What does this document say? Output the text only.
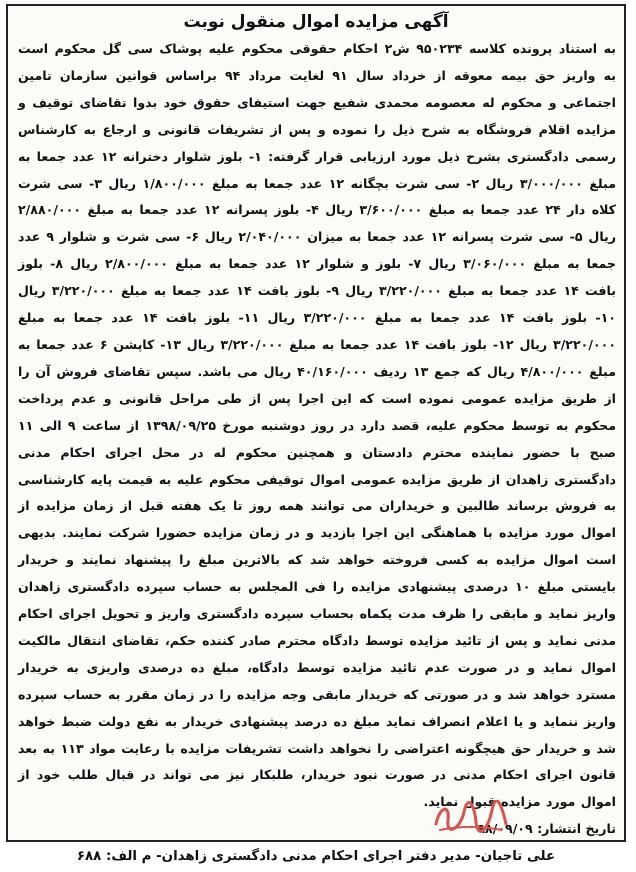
آگهی مزایده اموال منقول نوبت

به استناد پرونده کلاسه ۹۵۰۲۳۴ ش۲ احکام حقوقی محکوم علیه پوشاک سی گل محکوم است به واریز حق بیمه معوقه از خرداد سال ۹۱ لغایت مرداد ۹۴ براساس قوانین سازمان تامین اجتماعی و محکوم له معصومه محمدی شفیع جهت استیفای حقوق خود بدوا تقاضای توقیف و مزایده اقلام فروشگاه به شرح ذیل را نموده و پس از تشریفات قانونی و ارجاع به کارشناس رسمی دادگستری بشرح ذیل مورد ارزیابی قرار گرفته: ۱- بلوز شلوار دخترانه ۱۲ عدد جمعا به مبلغ ۳/۰۰۰/۰۰۰ ریال ۲- سی شرت بچگانه ۱۲ عدد جمعا به مبلغ ۱/۸۰۰/۰۰۰ ریال ۳- سی شرت کلاه دار ۲۴ عدد جمعا به مبلغ ۳/۶۰۰/۰۰۰ ریال ۴- بلوز پسرانه ۱۲ عدد جمعا به مبلغ ۲/۸۸۰/۰۰۰ ریال ۵- سی شرت پسرانه ۱۲ عدد جمعا به میزان ۲/۰۴۰/۰۰۰ ریال ۶- سی شرت و شلوار ۹ عدد جمعا به مبلغ ۳/۰۶۰/۰۰۰ ریال ۷- بلوز و شلوار ۱۲ عدد جمعا به مبلغ ۲/۸۰۰/۰۰۰ ریال ۸- بلوز بافت ۱۴ عدد جمعا به مبلغ ۳/۲۲۰/۰۰۰ ریال ۹- بلوز بافت ۱۴ عدد جمعا به مبلغ ۳/۲۲۰/۰۰۰ ریال ۱۰- بلوز بافت ۱۴ عدد جمعا به مبلغ ۳/۲۲۰/۰۰۰ ریال ۱۱- بلوز بافت ۱۴ عدد جمعا به مبلغ ۳/۲۲۰/۰۰۰ ریال ۱۲- بلوز بافت ۱۴ عدد جمعا به مبلغ ۳/۲۲۰/۰۰۰ ریال ۱۳- کاپشن ۶ عدد جمعا به مبلغ ۴/۸۰۰/۰۰۰ ریال که جمع ۱۳ ردیف ۴۰/۱۶۰/۰۰۰ ریال می باشد. سپس تقاضای فروش آن را از طریق مزایده عمومی نموده است که این اجرا پس از طی مراحل قانونی و عدم پرداخت محکوم به توسط محکوم علیه، قصد دارد در روز دوشنبه مورخ ۱۳۹۸/۰۹/۲۵ از ساعت ۹ الی ۱۱ صبح با حضور نماینده محترم دادستان و همچنین محکوم له در محل اجرای احکام مدنی دادگستری زاهدان از طریق مزایده عمومی اموال توقیفی محکوم علیه به قیمت پایه کارشناسی به فروش برساند طالبین و خریداران می توانند همه روز تا یک هفته قبل از زمان مزایده از اموال مورد مزایده با هماهنگی این اجرا بازدید و در زمان مزایده حضورا شرکت نمایند. بدیهی است اموال مزایده به کسی فروخته خواهد شد که بالاترین مبلغ را پیشنهاد نمایند و خریدار بایستی مبلغ ۱۰ درصدی پیشنهادی مزایده را فی المجلس به حساب سپرده دادگستری زاهدان واریز نماید و مابقی را ظرف مدت یکماه بحساب سپرده دادگستری واریز و تحویل اجرای احکام مدنی نماید و پس از تائید مزایده توسط دادگاه محترم صادر کننده حکم، تقاضای انتقال مالکیت اموال نماید و در صورت عدم تائید مزایده توسط دادگاه، مبلغ ده درصدی واریزی به خریدار مسترد خواهد شد و در صورتی که خریدار مابقی وجه مزایده را در زمان مقرر به حساب سپرده واریز ننماید و یا اعلام انصراف نماید مبلغ ده درصد پیشنهادی خریدار به نفع دولت ضبط خواهد شد و خریدار حق هیچگونه اعتراضی را نخواهد داشت تشریفات مزایده با رعایت مواد ۱۱۳ به بعد قانون اجرای احکام مدنی در صورت نبود خریدار، طلبکار نیز می تواند در قبال طلب خود از اموال مورد مزایده قبول نماید.

تاریخ انتشار: ۹۸/۰۹/۰۹
علی تاجیان- مدیر دفتر اجرای احکام مدنی دادگستری زاهدان- م الف: ۶۸۸
